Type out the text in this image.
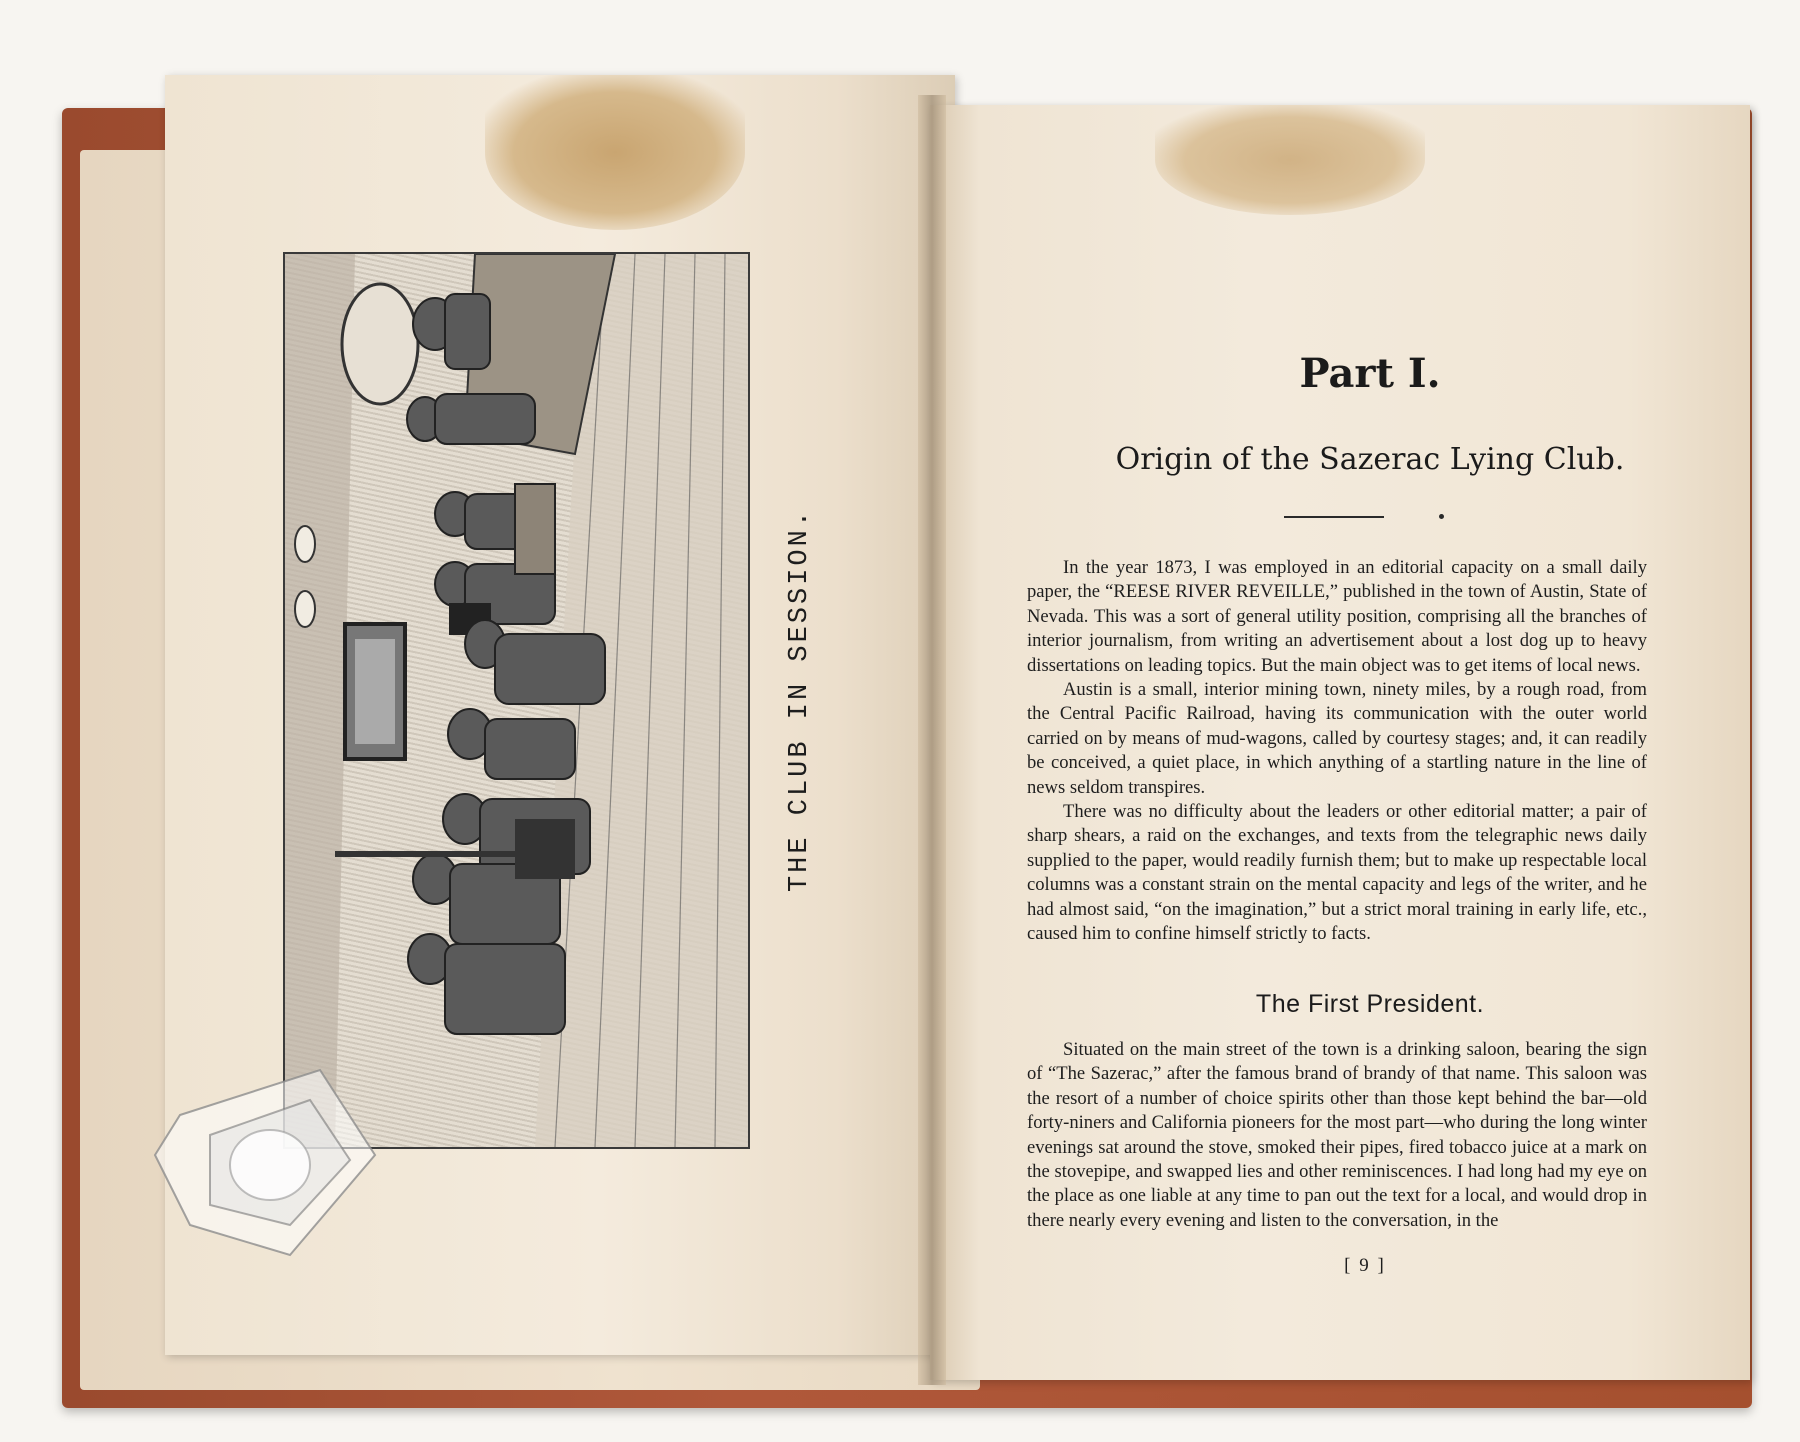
THE CLUB IN SESSION.
Part I.
Origin of the Sazerac Lying Club.

In the year 1873, I was employed in an editorial capacity on a small daily paper, the “REESE RIVER REVEILLE,” published in the town of Austin, State of Nevada. This was a sort of general utility position, comprising all the branches of interior journalism, from writing an advertisement about a lost dog up to heavy dissertations on leading topics. But the main object was to get items of local news.

Austin is a small, interior mining town, ninety miles, by a rough road, from the Central Pacific Railroad, having its communication with the outer world carried on by means of mud-wagons, called by courtesy stages; and, it can readily be conceived, a quiet place, in which anything of a startling nature in the line of news seldom transpires.

There was no difficulty about the leaders or other editorial matter; a pair of sharp shears, a raid on the exchanges, and texts from the telegraphic news daily supplied to the paper, would readily furnish them; but to make up respectable local columns was a constant strain on the mental capacity and legs of the writer, and he had almost said, “on the imagination,” but a strict moral training in early life, etc., caused him to confine himself strictly to facts.

The First President.

Situated on the main street of the town is a drinking saloon, bearing the sign of “The Sazerac,” after the famous brand of brandy of that name. This saloon was the resort of a number of choice spirits other than those kept behind the bar—old forty-niners and California pioneers for the most part—who during the long winter evenings sat around the stove, smoked their pipes, fired tobacco juice at a mark on the stovepipe, and swapped lies and other reminiscences. I had long had my eye on the place as one liable at any time to pan out the text for a local, and would drop in there nearly every evening and listen to the conversation, in the

[ 9 ]
